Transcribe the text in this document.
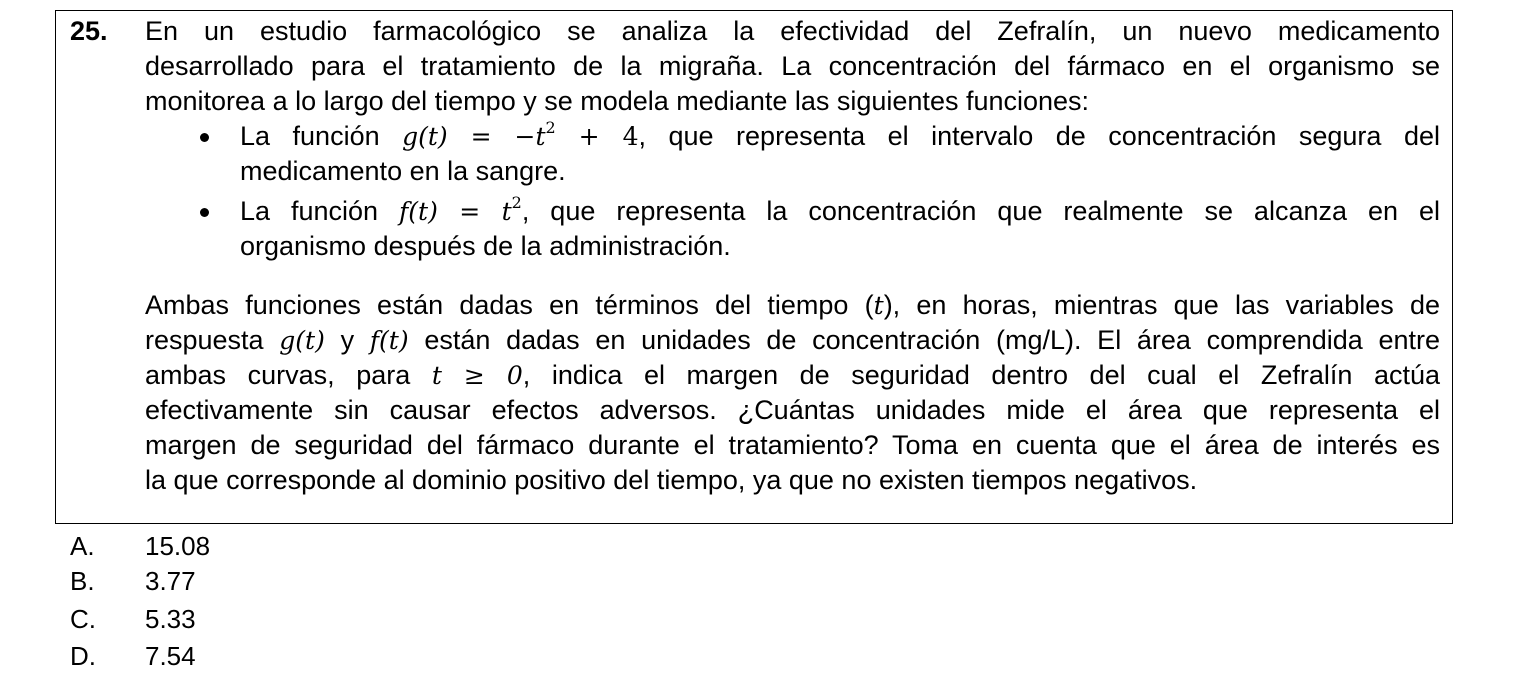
25. En un estudio farmacológico se analiza la efectividad del Zefralín, un nuevo medicamento
desarrollado para el tratamiento de la migraña. La concentración del fármaco en el organismo se
monitorea a lo largo del tiempo y se modela mediante las siguientes funciones:
La función $g(t) = -t^2 + 4$, que representa el intervalo de concentración segura del
medicamento en la sangre.
La función $f(t) = t^2$, que representa la concentración que realmente se alcanza en el
organismo después de la administración.
Ambas funciones están dadas en términos del tiempo (t), en horas, mientras que las variables de
respuesta g(t) y f(t) están dadas en unidades de concentración (mg/L). El área comprendida entre
ambas curvas, para t ≥ 0, indica el margen de seguridad dentro del cual el Zefralín actúa
efectivamente sin causar efectos adversos. ¿Cuántas unidades mide el área que representa el
margen de seguridad del fármaco durante el tratamiento? Toma en cuenta que el área de interés es
la que corresponde al dominio positivo del tiempo, ya que no existen tiempos negativos.
A. 15.08
B. 3.77
C. 5.33
D. 7.54
